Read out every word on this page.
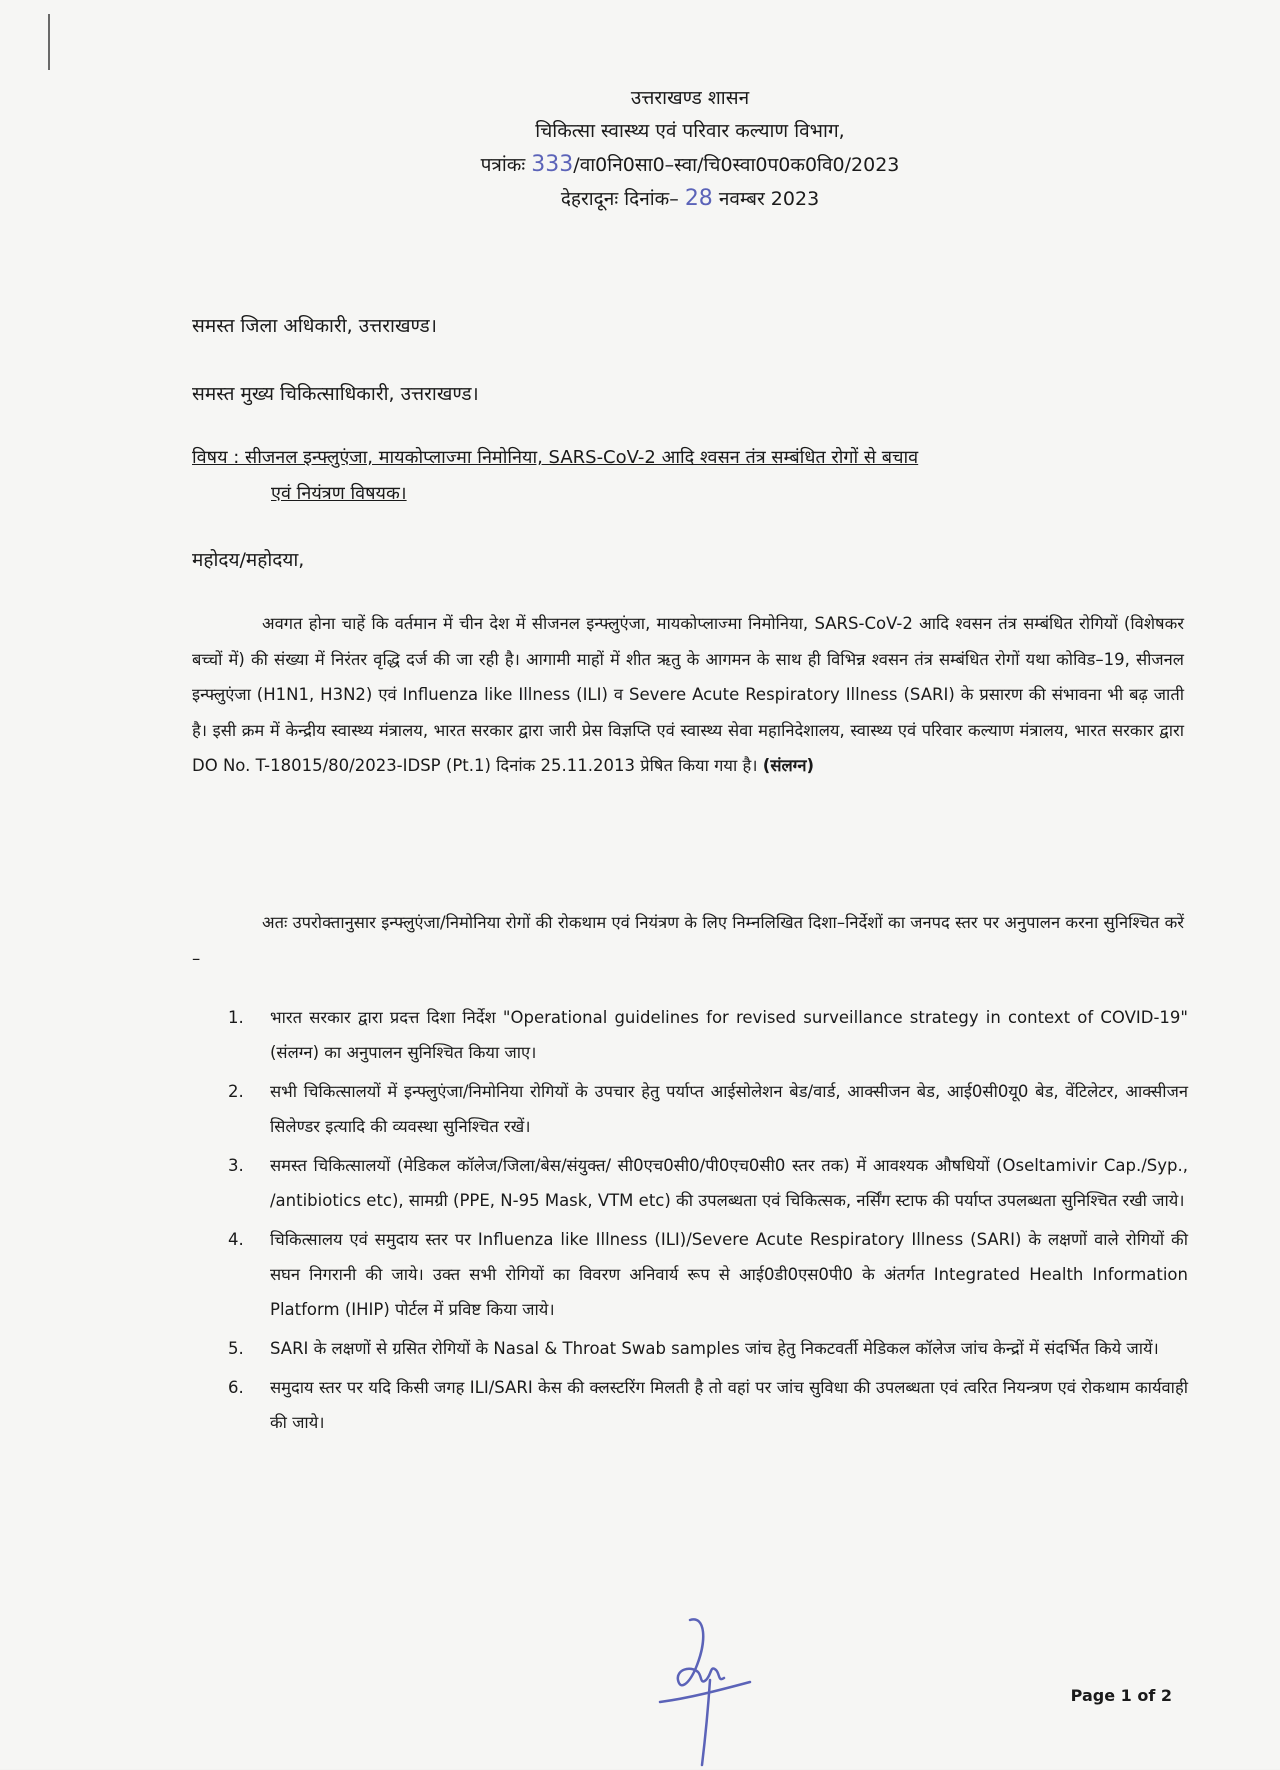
उत्तराखण्ड शासन
चिकित्सा स्वास्थ्य एवं परिवार कल्याण विभाग,
पत्रांकः 333/वा0नि0सा0–स्वा/चि0स्वा0प0क0वि0/2023
देहरादूनः दिनांक– 28 नवम्बर 2023
समस्त जिला अधिकारी, उत्तराखण्ड।
समस्त मुख्य चिकित्साधिकारी, उत्तराखण्ड।
विषय : सीजनल इन्फ्लुएंजा, मायकोप्लाज्मा निमोनिया, SARS-CoV-2 आदि श्वसन तंत्र सम्बंधित रोगों से बचाव
एवं नियंत्रण विषयक।
महोदय/महोदया,
अवगत होना चाहें कि वर्तमान में चीन देश में सीजनल इन्फ्लुएंजा, मायकोप्लाज्मा निमोनिया, SARS-CoV-2 आदि श्वसन तंत्र सम्बंधित रोगियों (विशेषकर बच्चों में) की संख्या में निरंतर वृद्धि दर्ज की जा रही है। आगामी माहों में शीत ऋतु के आगमन के साथ ही विभिन्न श्वसन तंत्र सम्बंधित रोगों यथा कोविड–19, सीजनल इन्फ्लुएंजा (H1N1, H3N2) एवं Influenza like Illness (ILI) व Severe Acute Respiratory Illness (SARI) के प्रसारण की संभावना भी बढ़ जाती है। इसी क्रम में केन्द्रीय स्वास्थ्य मंत्रालय, भारत सरकार द्वारा जारी प्रेस विज्ञप्ति एवं स्वास्थ्य सेवा महानिदेशालय, स्वास्थ्य एवं परिवार कल्याण मंत्रालय, भारत सरकार द्वारा DO No. T-18015/80/2023-IDSP (Pt.1) दिनांक 25.11.2013 प्रेषित किया गया है। (संलग्न)
अतः उपरोक्तानुसार इन्फ्लुएंजा/निमोनिया रोगों की रोकथाम एवं नियंत्रण के लिए निम्नलिखित दिशा–निर्देशों का जनपद स्तर पर अनुपालन करना सुनिश्चित करें –
1. भारत सरकार द्वारा प्रदत्त दिशा निर्देश "Operational guidelines for revised surveillance strategy in context of COVID-19" (संलग्न) का अनुपालन सुनिश्चित किया जाए।
2. सभी चिकित्सालयों में इन्फ्लुएंजा/निमोनिया रोगियों के उपचार हेतु पर्याप्त आईसोलेशन बेड/वार्ड, आक्सीजन बेड, आई0सी0यू0 बेड, वेंटिलेटर, आक्सीजन सिलेण्डर इत्यादि की व्यवस्था सुनिश्चित रखें।
3. समस्त चिकित्सालयों (मेडिकल कॉलेज/जिला/बेस/संयुक्त/ सी0एच0सी0/पी0एच0सी0 स्तर तक) में आवश्यक औषधियों (Oseltamivir Cap./Syp., /antibiotics etc), सामग्री (PPE, N-95 Mask, VTM etc) की उपलब्धता एवं चिकित्सक, नर्सिंग स्टाफ की पर्याप्त उपलब्धता सुनिश्चित रखी जाये।
4. चिकित्सालय एवं समुदाय स्तर पर Influenza like Illness (ILI)/Severe Acute Respiratory Illness (SARI) के लक्षणों वाले रोगियों की सघन निगरानी की जाये। उक्त सभी रोगियों का विवरण अनिवार्य रूप से आई0डी0एस0पी0 के अंतर्गत Integrated Health Information Platform (IHIP) पोर्टल में प्रविष्ट किया जाये।
5. SARI के लक्षणों से ग्रसित रोगियों के Nasal & Throat Swab samples जांच हेतु निकटवर्ती मेडिकल कॉलेज जांच केन्द्रों में संदर्भित किये जायें।
6. समुदाय स्तर पर यदि किसी जगह ILI/SARI केस की क्लस्टरिंग मिलती है तो वहां पर जांच सुविधा की उपलब्धता एवं त्वरित नियन्त्रण एवं रोकथाम कार्यवाही की जाये।
Page 1 of 2
